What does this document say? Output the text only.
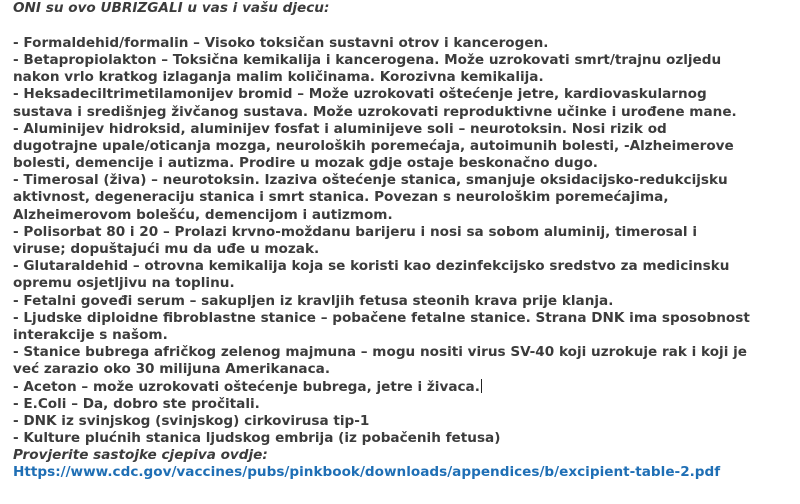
ONI su ovo UBRIZGALI u vas i vašu djecu:
- Formaldehid/formalin – Visoko toksičan sustavni otrov i kancerogen.
- Betapropiolakton – Toksična kemikalija i kancerogena. Može uzrokovati smrt/trajnu ozljedu
nakon vrlo kratkog izlaganja malim količinama. Korozivna kemikalija.
- Heksadeciltrimetilamonijev bromid – Može uzrokovati oštećenje jetre, kardiovaskularnog
sustava i središnjeg živčanog sustava. Može uzrokovati reproduktivne učinke i urođene mane.
- Aluminijev hidroksid, aluminijev fosfat i aluminijeve soli – neurotoksin. Nosi rizik od
dugotrajne upale/oticanja mozga, neuroloških poremećaja, autoimunih bolesti, -Alzheimerove
bolesti, demencije i autizma. Prodire u mozak gdje ostaje beskonačno dugo.
- Timerosal (živa) – neurotoksin. Izaziva oštećenje stanica, smanjuje oksidacijsko-redukcijsku
aktivnost, degeneraciju stanica i smrt stanica. Povezan s neurološkim poremećajima,
Alzheimerovom bolešću, demencijom i autizmom.
- Polisorbat 80 i 20 – Prolazi krvno-moždanu barijeru i nosi sa sobom aluminij, timerosal i
viruse; dopuštajući mu da uđe u mozak.
- Glutaraldehid – otrovna kemikalija koja se koristi kao dezinfekcijsko sredstvo za medicinsku
opremu osjetljivu na toplinu.
- Fetalni goveđi serum – sakupljen iz kravljih fetusa steonih krava prije klanja.
- Ljudske diploidne fibroblastne stanice – pobačene fetalne stanice. Strana DNK ima sposobnost
interakcije s našom.
- Stanice bubrega afričkog zelenog majmuna – mogu nositi virus SV-40 koji uzrokuje rak i koji je
već zarazio oko 30 milijuna Amerikanaca.
- Aceton – može uzrokovati oštećenje bubrega, jetre i živaca.
- E.Coli – Da, dobro ste pročitali.
- DNK iz svinjskog (svinjskog) cirkovirusa tip-1
- Kulture plućnih stanica ljudskog embrija (iz pobačenih fetusa)
Provjerite sastojke cjepiva ovdje:
Https://www.cdc.gov/vaccines/pubs/pinkbook/downloads/appendices/b/excipient-table-2.pdf
